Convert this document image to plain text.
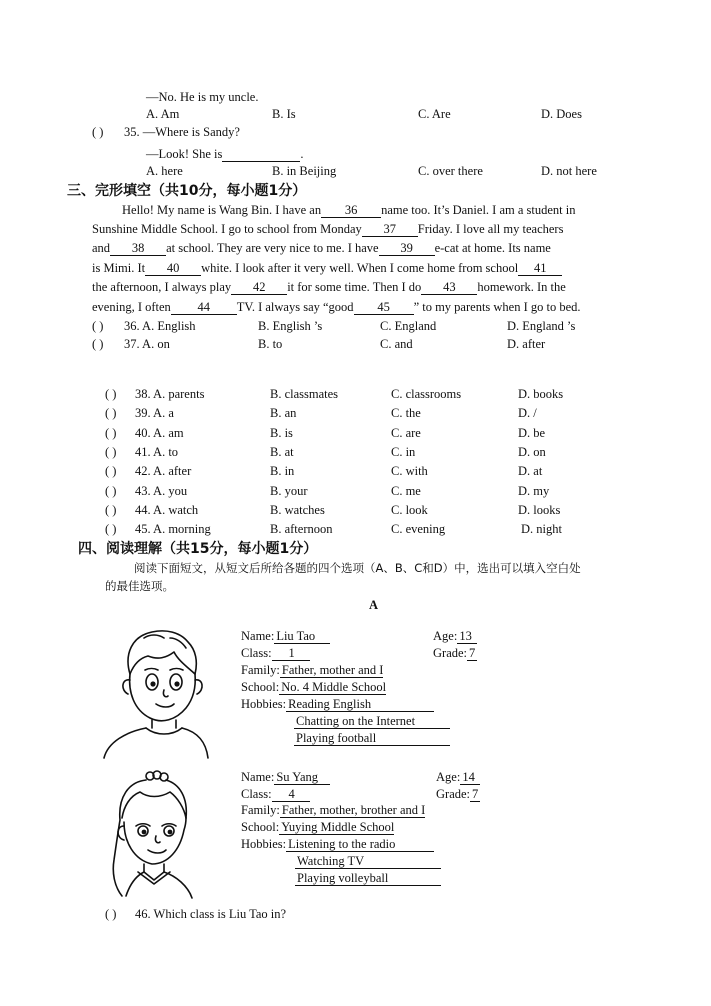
—No. He is my uncle.
A. Am	B. Is	C. Are	D. Does
( ) 35. —Where is Sandy?
—Look! She is	.
A. here	B. in Beijing	C. over there	D. not here
三、完形填空（共10分，每小题1分）
Hello! My name is Wang Bin. I have an 36 name too. It’s Daniel. I am a student in
Sunshine Middle School. I go to school from Monday 37 Friday. I love all my teachers
and 38 at school. They are very nice to me. I have 39 e-cat at home. Its name
is Mimi. It 40 white. I look after it very well. When I come home from school 41
the afternoon, I always play 42 it for some time. Then I do 43 homework. In the
evening, I often 44 TV. I always say “good 45 ” to my parents when I go to bed.
( ) 36. A. English	B. English ’s	C. England	D. England ’s
( ) 37. A. on	B. to	C. and	D. after
( ) 38. A. parents	B. classmates	C. classrooms	D. books
( ) 39. A. a	B. an	C. the	D. /
( ) 40. A. am	B. is	C. are	D. be
( ) 41. A. to	B. at	C. in	D. on
( ) 42. A. after	B. in	C. with	D. at
( ) 43. A. you	B. your	C. me	D. my
( ) 44. A. watch	B. watches	C. look	D. looks
( ) 45. A. morning	B. afternoon	C. evening	D. night
四、阅读理解（共15分，每小题1分）
阅读下面短文，从短文后所给各题的四个选项（A、B、C和D）中，选出可以填入空白处
的最佳选项。
A
Name: Liu Tao	Age: 13
Class: 1	Grade: 7
Family: Father, mother and I
School: No. 4 Middle School
Hobbies: Reading English
Chatting on the Internet
Playing football
Name: Su Yang	Age: 14
Class: 4	Grade: 7
Family: Father, mother, brother and I
School: Yuying Middle School
Hobbies: Listening to the radio
Watching TV
Playing volleyball
( ) 46. Which class is Liu Tao in?
